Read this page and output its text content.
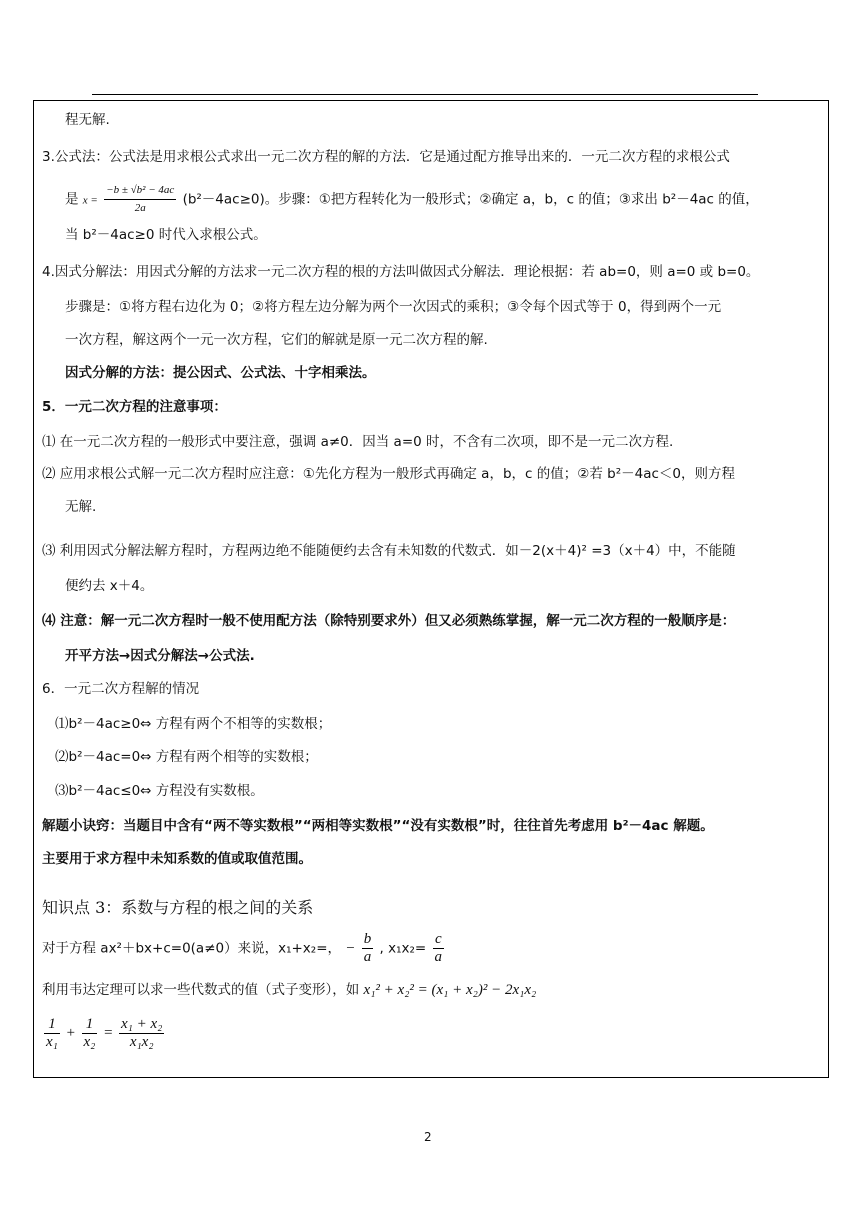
程无解.
3.公式法：公式法是用求根公式求出一元二次方程的解的方法．它是通过配方推导出来的．一元二次方程的求根公式
是 $x = \frac{\text{−b ± √b² − 4ac}}{2a} (b^2-4ac\ge 0)$。步骤：①把方程转化为一般形式；②确定 a，b，c 的值；③求出 b²－4ac 的值，
当 b²－4ac≥0 时代入求根公式。
4.因式分解法：用因式分解的方法求一元二次方程的根的方法叫做因式分解法．理论根据：若 ab=0，则 a=0 或 b=0。
步骤是：①将方程右边化为 0；②将方程左边分解为两个一次因式的乘积；③令每个因式等于 0，得到两个一元
一次方程，解这两个一元一次方程，它们的解就是原一元二次方程的解.
因式分解的方法：提公因式、公式法、十字相乘法。
5．一元二次方程的注意事项：
⑴ 在一元二次方程的一般形式中要注意，强调 a≠0．因当 a=0 时，不含有二次项，即不是一元二次方程.
⑵ 应用求根公式解一元二次方程时应注意：①先化方程为一般形式再确定 a，b，c 的值；②若 b²－4ac＜0，则方程
无解.
⑶ 利用因式分解法解方程时，方程两边绝不能随便约去含有未知数的代数式．如－2(x＋4)² =3（x＋4）中，不能随
便约去 x＋4。
⑷ 注意：解一元二次方程时一般不使用配方法（除特别要求外）但又必须熟练掌握，解一元二次方程的一般顺序是：
开平方法→因式分解法→公式法.
6．一元二次方程解的情况
⑴b²－4ac≥0⇔ 方程有两个不相等的实数根；
⑵b²－4ac=0⇔ 方程有两个相等的实数根；
⑶b²－4ac≤0⇔ 方程没有实数根。
解题小诀窍：当题目中含有“两不等实数根”“两相等实数根”“没有实数根”时，往往首先考虑用 b²－4ac 解题。
主要用于求方程中未知系数的值或取值范围。
知识点 3：系数与方程的根之间的关系
对于方程 ax²＋bx+c=0(a≠0）来说，x₁+x₂=， − $\frac{b}{a}$ , $x_1x_2= \frac{c}{a}$
利用韦达定理可以求一些代数式的值（式子变形），如 x₁² + x₂² = (x₁ + x₂)² − 2x₁x₂
$\frac{1}{\text{x₁}} + \frac{1}{\text{x₂}} = \frac{\text{x₁ + x₂}}{\text{x₁x₂}}$
2
